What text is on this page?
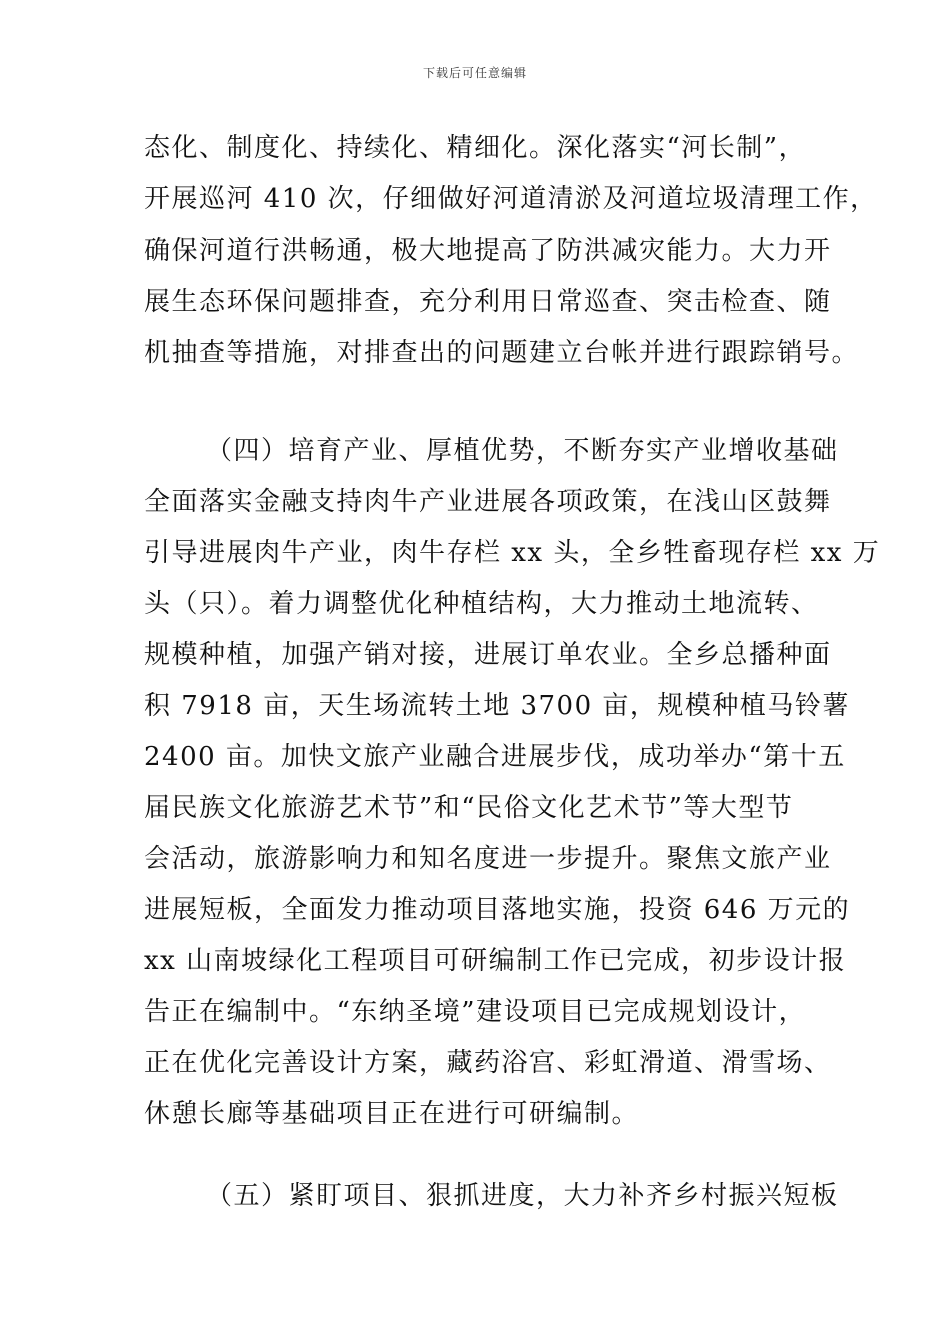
下载后可任意编辑
态化、制度化、持续化、精细化。深化落实“河长制”，
开展巡河 410 次，仔细做好河道清淤及河道垃圾清理工作，
确保河道行洪畅通，极大地提高了防洪减灾能力。大力开
展生态环保问题排查，充分利用日常巡查、突击检查、随
机抽查等措施，对排查出的问题建立台帐并进行跟踪销号。
（四）培育产业、厚植优势，不断夯实产业增收基础
全面落实金融支持肉牛产业进展各项政策，在浅山区鼓舞
引导进展肉牛产业，肉牛存栏 xx 头，全乡牲畜现存栏 xx 万
头（只）。着力调整优化种植结构，大力推动土地流转、
规模种植，加强产销对接，进展订单农业。全乡总播种面
积 7918 亩，天生场流转土地 3700 亩，规模种植马铃薯
2400 亩。加快文旅产业融合进展步伐，成功举办“第十五
届民族文化旅游艺术节”和“民俗文化艺术节”等大型节
会活动，旅游影响力和知名度进一步提升。聚焦文旅产业
进展短板，全面发力推动项目落地实施，投资 646 万元的
xx 山南坡绿化工程项目可研编制工作已完成，初步设计报
告正在编制中。“东纳圣境”建设项目已完成规划设计，
正在优化完善设计方案，藏药浴宫、彩虹滑道、滑雪场、
休憩长廊等基础项目正在进行可研编制。
（五）紧盯项目、狠抓进度，大力补齐乡村振兴短板
